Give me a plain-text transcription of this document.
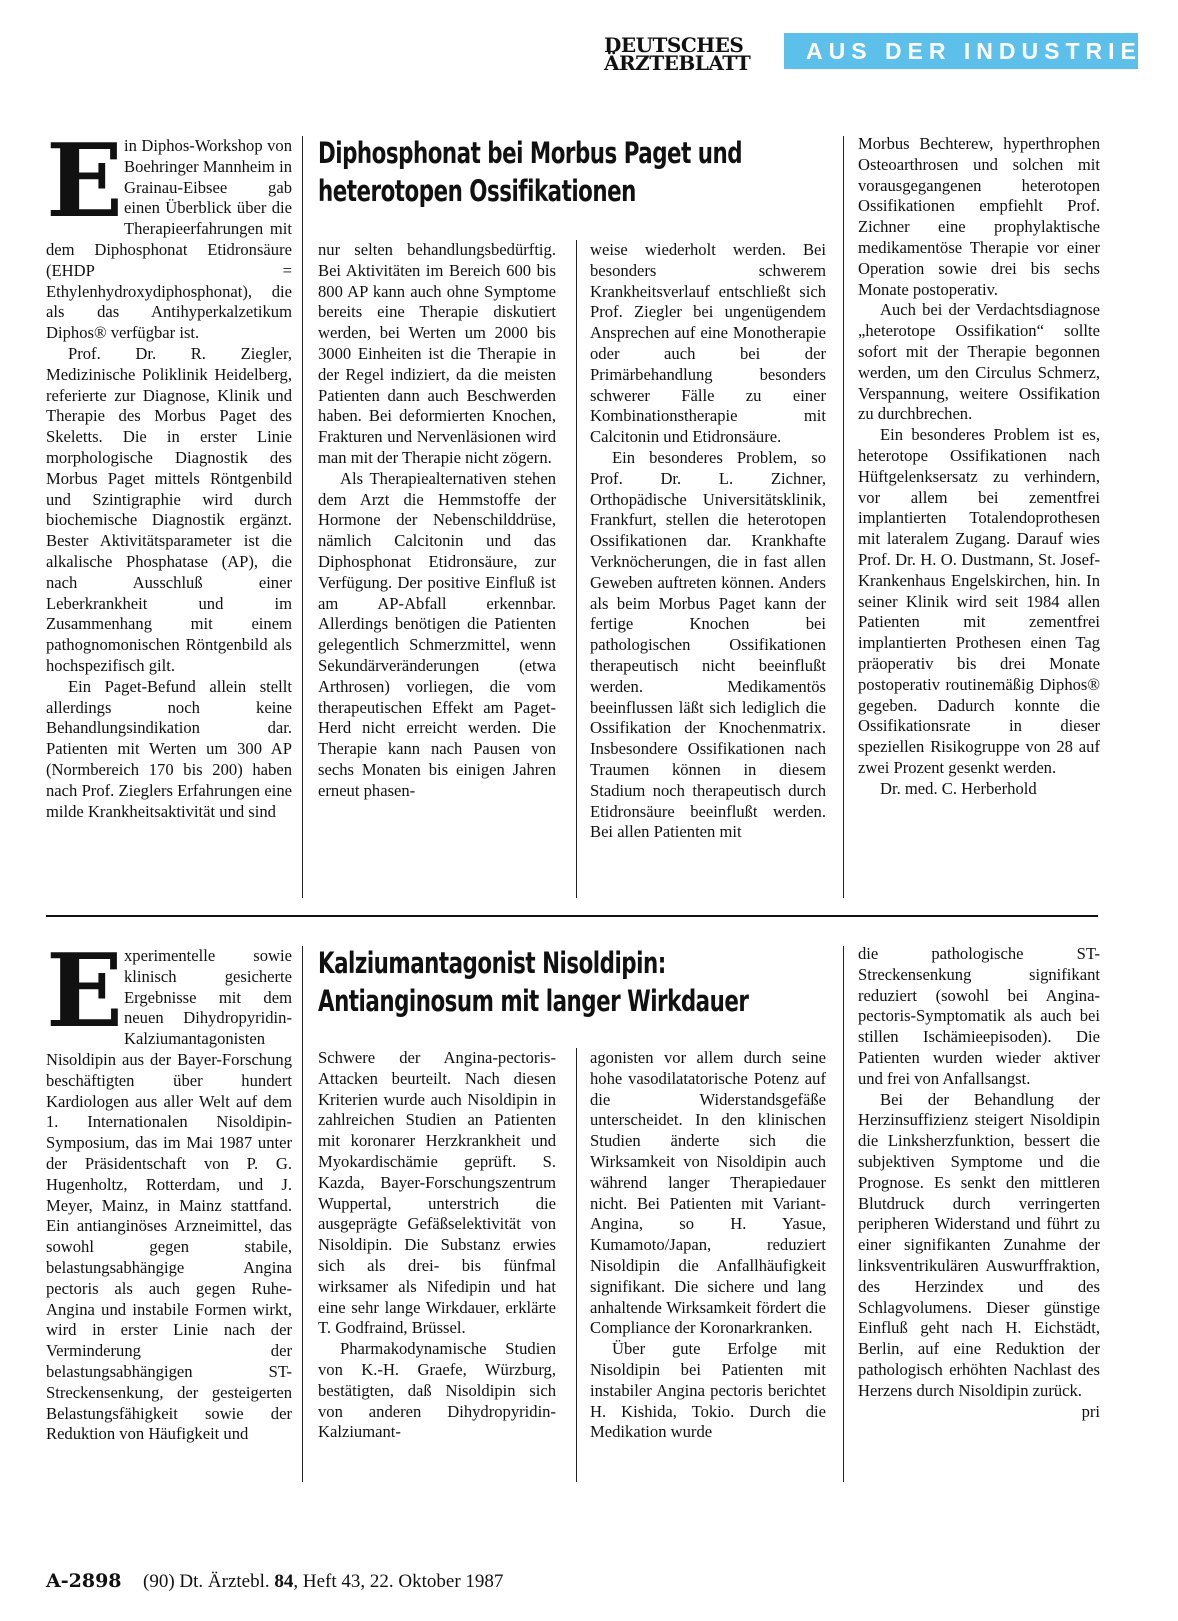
DEUTSCHES
ÄRZTEBLATT	AUS DER INDUSTRIE
E in Diphos-Workshop von Boehringer Mannheim in Grainau-Eibsee gab einen Überblick über die Therapieerfahrungen mit dem Diphosphonat Etidronsäure (EHDP = Ethylenhydroxydiphosphonat), die als das Antihyperkalzetikum Diphos® verfügbar ist.

Prof. Dr. R. Ziegler, Medizinische Poliklinik Heidelberg, referierte zur Diagnose, Klinik und Therapie des Morbus Paget des Skeletts. Die in erster Linie morphologische Diagnostik des Morbus Paget mittels Röntgenbild und Szintigraphie wird durch biochemische Diagnostik ergänzt. Bester Aktivitätsparameter ist die alkalische Phosphatase (AP), die nach Ausschluß einer Leberkrankheit und im Zusammenhang mit einem pathognomonischen Röntgenbild als hochspezifisch gilt.

Ein Paget-Befund allein stellt allerdings noch keine Behandlungsindikation dar. Patienten mit Werten um 300 AP (Normbereich 170 bis 200) haben nach Prof. Zieglers Erfahrungen eine milde Krankheitsaktivität und sind

Diphosphonat bei Morbus Paget und
heterotopen Ossifikationen

nur selten behandlungsbedürftig. Bei Aktivitäten im Bereich 600 bis 800 AP kann auch ohne Symptome bereits eine Therapie diskutiert werden, bei Werten um 2000 bis 3000 Einheiten ist die Therapie in der Regel indiziert, da die meisten Patienten dann auch Beschwerden haben. Bei deformierten Knochen, Frakturen und Nervenläsionen wird man mit der Therapie nicht zögern.

Als Therapiealternativen stehen dem Arzt die Hemmstoffe der Hormone der Nebenschilddrüse, nämlich Calcitonin und das Diphosphonat Etidronsäure, zur Verfügung. Der positive Einfluß ist am AP-Abfall erkennbar. Allerdings benötigen die Patienten gelegentlich Schmerzmittel, wenn Sekundärveränderungen (etwa Arthrosen) vorliegen, die vom therapeutischen Effekt am Paget-Herd nicht erreicht werden. Die Therapie kann nach Pausen von sechs Monaten bis einigen Jahren erneut phasen-

weise wiederholt werden. Bei besonders schwerem Krankheitsverlauf entschließt sich Prof. Ziegler bei ungenügendem Ansprechen auf eine Monotherapie oder auch bei der Primärbehandlung besonders schwerer Fälle zu einer Kombinationstherapie mit Calcitonin und Etidronsäure.

Ein besonderes Problem, so Prof. Dr. L. Zichner, Orthopädische Universitätsklinik, Frankfurt, stellen die heterotopen Ossifikationen dar. Krankhafte Verknöcherungen, die in fast allen Geweben auftreten können. Anders als beim Morbus Paget kann der fertige Knochen bei pathologischen Ossifikationen therapeutisch nicht beeinflußt werden. Medikamentös beeinflussen läßt sich lediglich die Ossifikation der Knochenmatrix. Insbesondere Ossifikationen nach Traumen können in diesem Stadium noch therapeutisch durch Etidronsäure beeinflußt werden. Bei allen Patienten mit

Morbus Bechterew, hyperthrophen Osteoarthrosen und solchen mit vorausgegangenen heterotopen Ossifikationen empfiehlt Prof. Zichner eine prophylaktische medikamentöse Therapie vor einer Operation sowie drei bis sechs Monate postoperativ.

Auch bei der Verdachtsdiagnose „heterotope Ossifikation“ sollte sofort mit der Therapie begonnen werden, um den Circulus Schmerz, Verspannung, weitere Ossifikation zu durchbrechen.

Ein besonderes Problem ist es, heterotope Ossifikationen nach Hüftgelenksersatz zu verhindern, vor allem bei zementfrei implantierten Totalendoprothesen mit lateralem Zugang. Darauf wies Prof. Dr. H. O. Dustmann, St. Josef-Krankenhaus Engelskirchen, hin. In seiner Klinik wird seit 1984 allen Patienten mit zementfrei implantierten Prothesen einen Tag präoperativ bis drei Monate postoperativ routinemäßig Diphos® gegeben. Dadurch konnte die Ossifikationsrate in dieser speziellen Risikogruppe von 28 auf zwei Prozent gesenkt werden.

Dr. med. C. Herberhold

E xperimentelle sowie klinisch gesicherte Ergebnisse mit dem neuen Dihydropyridin-Kalziumantagonisten Nisoldipin aus der Bayer-Forschung beschäftigten über hundert Kardiologen aus aller Welt auf dem 1. Internationalen Nisoldipin-Symposium, das im Mai 1987 unter der Präsidentschaft von P. G. Hugenholtz, Rotterdam, und J. Meyer, Mainz, in Mainz stattfand. Ein antianginöses Arzneimittel, das sowohl gegen stabile, belastungsabhängige Angina pectoris als auch gegen Ruhe-Angina und instabile Formen wirkt, wird in erster Linie nach der Verminderung der belastungsabhängigen ST-Streckensenkung, der gesteigerten Belastungsfähigkeit sowie der Reduktion von Häufigkeit und

Kalziumantagonist Nisoldipin:
Antianginosum mit langer Wirkdauer

Schwere der Angina-pectoris-Attacken beurteilt. Nach diesen Kriterien wurde auch Nisoldipin in zahlreichen Studien an Patienten mit koronarer Herzkrankheit und Myokardischämie geprüft. S. Kazda, Bayer-Forschungszentrum Wuppertal, unterstrich die ausgeprägte Gefäßselektivität von Nisoldipin. Die Substanz erwies sich als drei- bis fünfmal wirksamer als Nifedipin und hat eine sehr lange Wirkdauer, erklärte T. Godfraind, Brüssel.

Pharmakodynamische Studien von K.-H. Graefe, Würzburg, bestätigten, daß Nisoldipin sich von anderen Dihydropyridin-Kalziumant-

agonisten vor allem durch seine hohe vasodilatatorische Potenz auf die Widerstandsgefäße unterscheidet. In den klinischen Studien änderte sich die Wirksamkeit von Nisoldipin auch während langer Therapiedauer nicht. Bei Patienten mit Variant-Angina, so H. Yasue, Kumamoto/Japan, reduziert Nisoldipin die Anfallhäufigkeit signifikant. Die sichere und lang anhaltende Wirksamkeit fördert die Compliance der Koronarkranken.

Über gute Erfolge mit Nisoldipin bei Patienten mit instabiler Angina pectoris berichtet H. Kishida, Tokio. Durch die Medikation wurde

die pathologische ST-Streckensenkung signifikant reduziert (sowohl bei Angina-pectoris-Symptomatik als auch bei stillen Ischämieepisoden). Die Patienten wurden wieder aktiver und frei von Anfallsangst.

Bei der Behandlung der Herzinsuffizienz steigert Nisoldipin die Linksherzfunktion, bessert die subjektiven Symptome und die Prognose. Es senkt den mittleren Blutdruck durch verringerten peripheren Widerstand und führt zu einer signifikanten Zunahme der linksventrikulären Auswurffraktion, des Herzindex und des Schlagvolumens. Dieser günstige Einfluß geht nach H. Eichstädt, Berlin, auf eine Reduktion der pathologisch erhöhten Nachlast des Herzens durch Nisoldipin zurück.

pri
A-2898 (90) Dt. Ärztebl. 84, Heft 43, 22. Oktober 1987
